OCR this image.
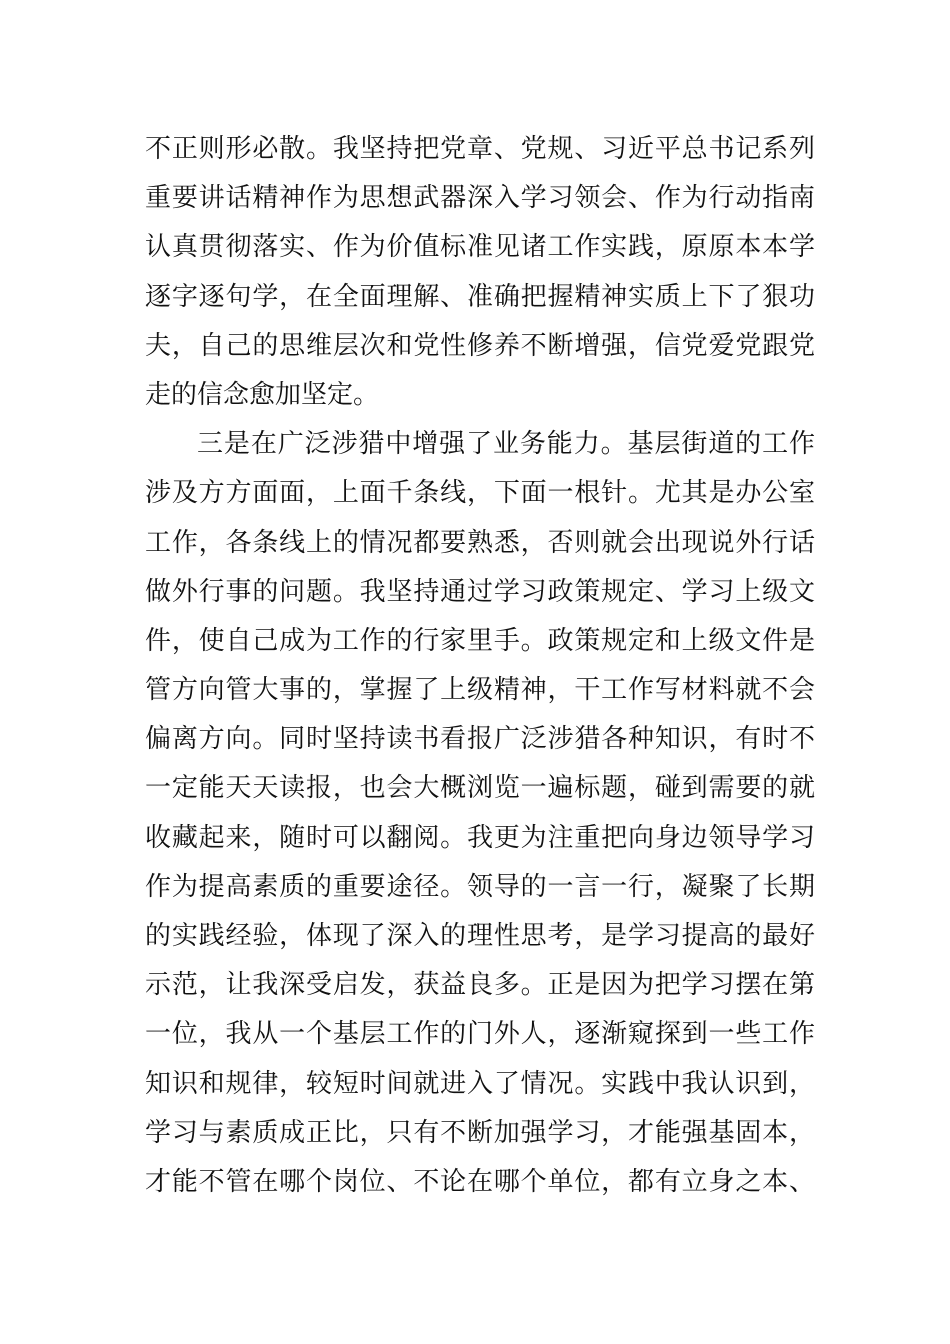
不正则形必散。我坚持把党章、党规、习近平总书记系列
重要讲话精神作为思想武器深入学习领会、作为行动指南
认真贯彻落实、作为价值标准见诸工作实践，原原本本学
逐字逐句学，在全面理解、准确把握精神实质上下了狠功
夫，自己的思维层次和党性修养不断增强，信党爱党跟党
走的信念愈加坚定。
三是在广泛涉猎中增强了业务能力。基层街道的工作
涉及方方面面，上面千条线，下面一根针。尤其是办公室
工作，各条线上的情况都要熟悉，否则就会出现说外行话
做外行事的问题。我坚持通过学习政策规定、学习上级文
件，使自己成为工作的行家里手。政策规定和上级文件是
管方向管大事的，掌握了上级精神，干工作写材料就不会
偏离方向。同时坚持读书看报广泛涉猎各种知识，有时不
一定能天天读报，也会大概浏览一遍标题，碰到需要的就
收藏起来，随时可以翻阅。我更为注重把向身边领导学习
作为提高素质的重要途径。领导的一言一行，凝聚了长期
的实践经验，体现了深入的理性思考，是学习提高的最好
示范，让我深受启发，获益良多。正是因为把学习摆在第
一位，我从一个基层工作的门外人，逐渐窥探到一些工作
知识和规律，较短时间就进入了情况。实践中我认识到，
学习与素质成正比，只有不断加强学习，才能强基固本，
才能不管在哪个岗位、不论在哪个单位，都有立身之本、
